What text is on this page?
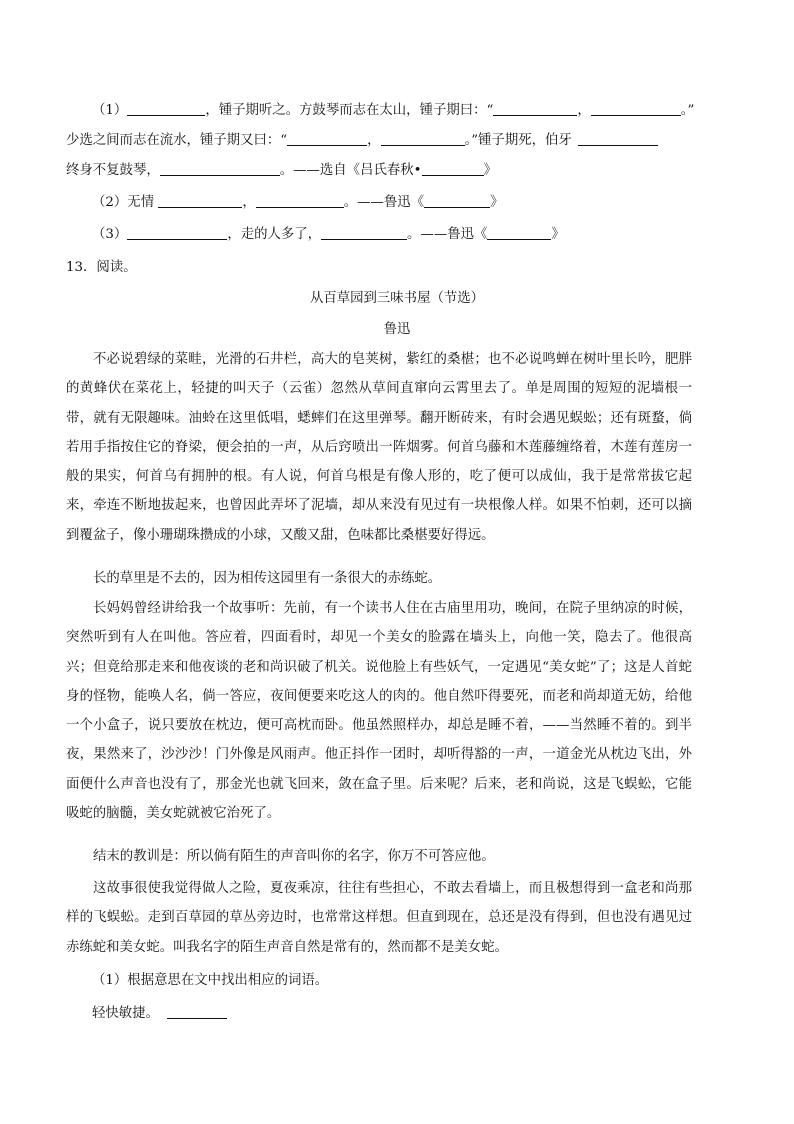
（1）	，锺子期听之。方鼓琴而志在太山，锺子期曰：“	，	。”
少选之间而志在流水，锺子期又曰：“	，	。”锺子期死，伯牙
终身不复鼓琴，	。——选自《吕氏春秋•	》
（2）无情	，	。——鲁迅《	》
（3）	，走的人多了，	。——鲁迅《	》
13．阅读。
从百草园到三味书屋（节选）
鲁迅
不必说碧绿的菜畦，光滑的石井栏，高大的皂荚树，紫红的桑椹；也不必说鸣蝉在树叶里长吟，肥胖的黄蜂伏在菜花上，轻捷的叫天子（云雀）忽然从草间直窜向云霄里去了。单是周围的短短的泥墙根一带，就有无限趣味。油蛉在这里低唱，蟋蟀们在这里弹琴。翻开断砖来，有时会遇见蜈蚣；还有斑蝥，倘若用手指按住它的脊梁，便会拍的一声，从后窍喷出一阵烟雾。何首乌藤和木莲藤缠络着，木莲有莲房一般的果实，何首乌有拥肿的根。有人说，何首乌根是有像人形的，吃了便可以成仙，我于是常常拔它起来，牵连不断地拔起来，也曾因此弄坏了泥墙，却从来没有见过有一块根像人样。如果不怕刺，还可以摘到覆盆子，像小珊瑚珠攒成的小球，又酸又甜，色味都比桑椹要好得远。
长的草里是不去的，因为相传这园里有一条很大的赤练蛇。
长妈妈曾经讲给我一个故事听：先前，有一个读书人住在古庙里用功，晚间，在院子里纳凉的时候，突然听到有人在叫他。答应着，四面看时，却见一个美女的脸露在墙头上，向他一笑，隐去了。他很高兴；但竟给那走来和他夜谈的老和尚识破了机关。说他脸上有些妖气，一定遇见“美女蛇”了；这是人首蛇身的怪物，能唤人名，倘一答应，夜间便要来吃这人的肉的。他自然吓得要死，而老和尚却道无妨，给他一个小盒子，说只要放在枕边，便可高枕而卧。他虽然照样办，却总是睡不着，——当然睡不着的。到半夜，果然来了，沙沙沙！门外像是风雨声。他正抖作一团时，却听得豁的一声，一道金光从枕边飞出，外面便什么声音也没有了，那金光也就飞回来，敛在盒子里。后来呢？后来，老和尚说，这是飞蜈蚣，它能吸蛇的脑髓，美女蛇就被它治死了。
结末的教训是：所以倘有陌生的声音叫你的名字，你万不可答应他。
这故事很使我觉得做人之险，夏夜乘凉，往往有些担心，不敢去看墙上，而且极想得到一盒老和尚那样的飞蜈蚣。走到百草园的草丛旁边时，也常常这样想。但直到现在，总还是没有得到，但也没有遇见过赤练蛇和美女蛇。叫我名字的陌生声音自然是常有的，然而都不是美女蛇。
（1）根据意思在文中找出相应的词语。
轻快敏捷。
